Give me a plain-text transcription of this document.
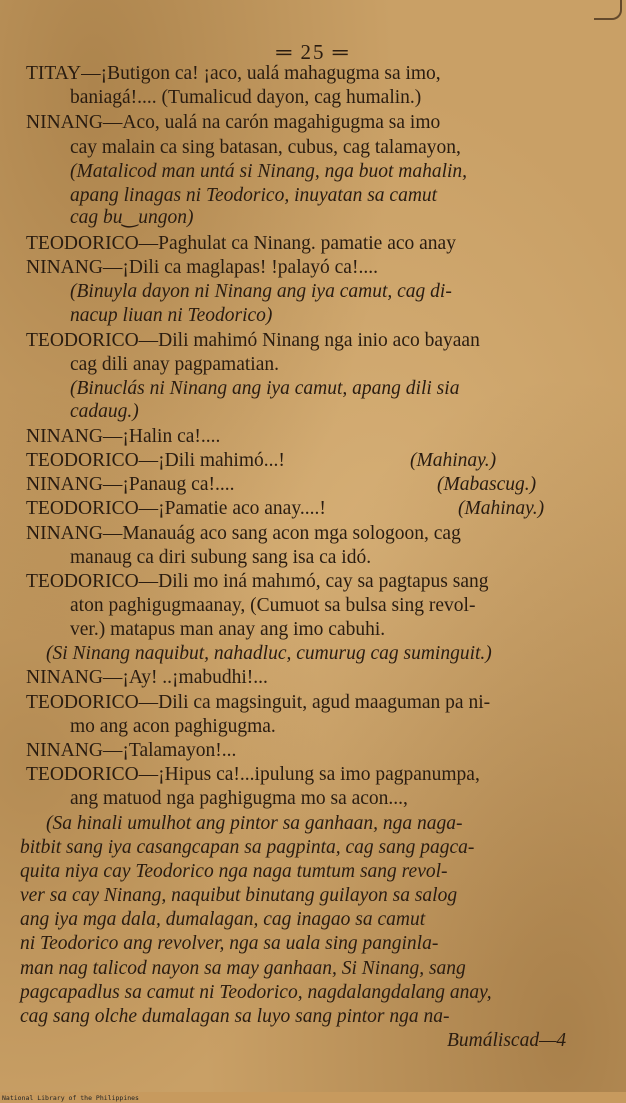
═ 25 ═
TITAY—¡Butigon ca! ¡aco, ualá mahagugma sa imo,
baniagá!.... (Tumalicud dayon, cag humalin.)
NINANG—Aco, ualá na carón magahigugma sa imo
cay malain ca sing batasan, cubus, cag talamayon,
(Matalicod man untá si Ninang, nga buot mahalin,
apang linagas ni Teodorico, inuyatan sa camut
cag bu‿ungon)
TEODORICO—Paghulat ca Ninang. pamatie aco anay
NINANG—¡Dili ca maglapas! !palayó ca!....
(Binuyla dayon ni Ninang ang iya camut, cag di-
nacup liuan ni Teodorico)
TEODORICO—Dili mahimó Ninang nga inio aco bayaan
cag dili anay pagpamatian.
(Binuclás ni Ninang ang iya camut, apang dili sia
cadaug.)
NINANG—¡Halin ca!....
TEODORICO—¡Dili mahimó...!	(Mahinay.)
NINANG—¡Panaug ca!....	(Mabascug.)
TEODORICO—¡Pamatie aco anay....!	(Mahinay.)
NINANG—Manauág aco sang acon mga sologoon, cag
manaug ca diri subung sang isa ca idó.
TEODORICO—Dili mo iná mahımó, cay sa pagtapus sang
aton paghigugmaanay, (Cumuot sa bulsa sing revol-
ver.) matapus man anay ang imo cabuhi.
(Si Ninang naquibut, nahadluc, cumurug cag suminguit.)
NINANG—¡Ay! ..¡mabudhi!...
TEODORICO—Dili ca magsinguit, agud maaguman pa ni-
mo ang acon paghigugma.
NINANG—¡Talamayon!...
TEODORICO—¡Hipus ca!...ipulung sa imo pagpanumpa,
ang matuod nga paghigugma mo sa acon...,
(Sa hinali umulhot ang pintor sa ganhaan, nga naga-
bitbit sang iya casangcapan sa pagpinta, cag sang pagca-
quita niya cay Teodorico nga naga tumtum sang revol-
ver sa cay Ninang, naquibut binutang guilayon sa salog
ang iya mga dala, dumalagan, cag inagao sa camut
ni Teodorico ang revolver, nga sa uala sing panginla-
man nag talicod nayon sa may ganhaan, Si Ninang, sang
pagcapadlus sa camut ni Teodorico, nagdalangdalang anay,
cag sang olche dumalagan sa luyo sang pintor nga na-
Bumáliscad—4
National Library of the Philippines
